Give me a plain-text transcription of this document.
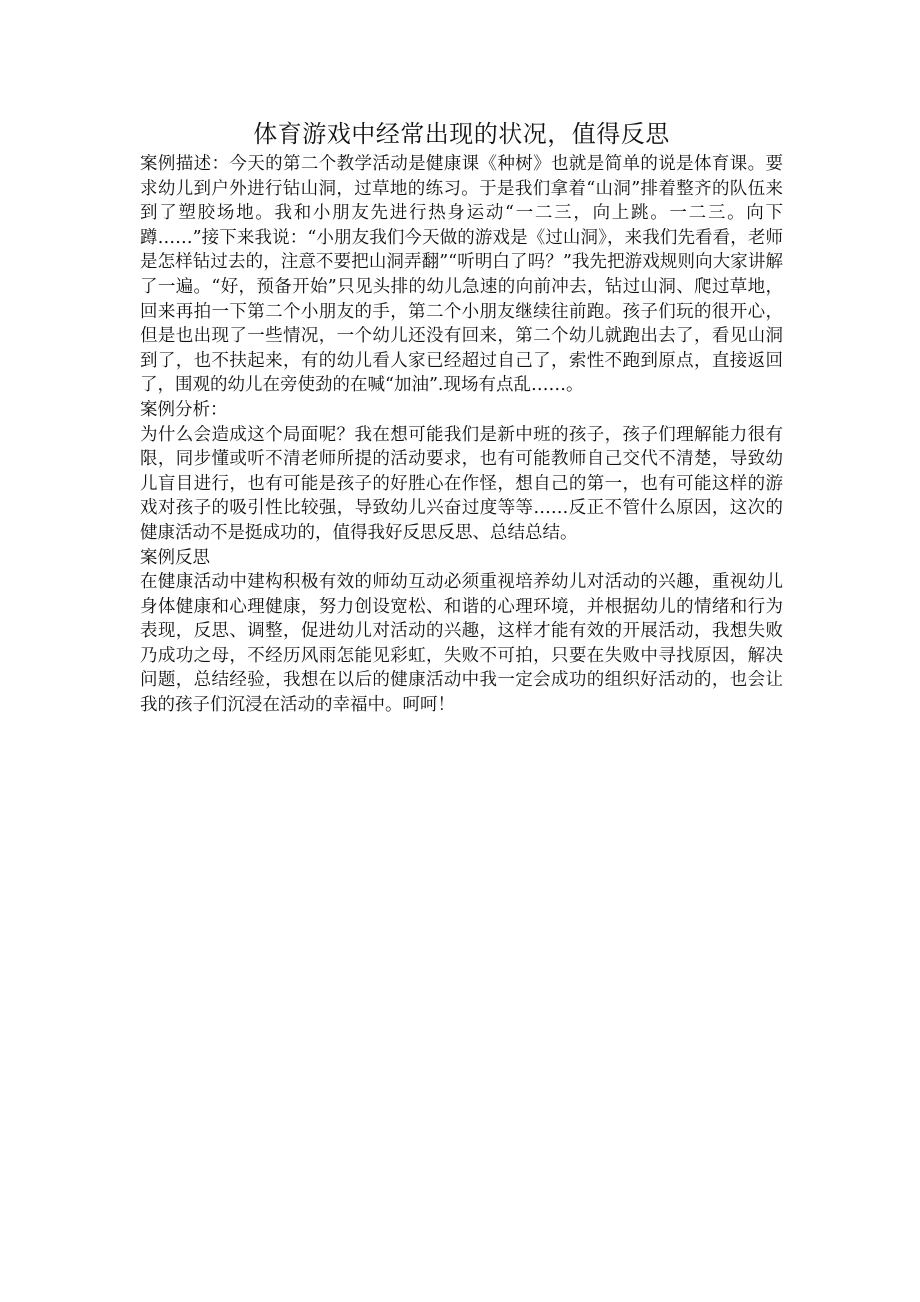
体育游戏中经常出现的状况，值得反思

案例描述：今天的第二个教学活动是健康课《种树》也就是简单的说是体育课。要求幼儿到户外进行钻山洞，过草地的练习。于是我们拿着“山洞”排着整齐的队伍来到了塑胶场地。我和小朋友先进行热身运动“一二三，向上跳。一二三。向下蹲……”接下来我说：“小朋友我们今天做的游戏是《过山洞》，来我们先看看，老师是怎样钻过去的，注意不要把山洞弄翻”“听明白了吗？”我先把游戏规则向大家讲解了一遍。“好，预备开始”只见头排的幼儿急速的向前冲去，钻过山洞、爬过草地，回来再拍一下第二个小朋友的手，第二个小朋友继续往前跑。孩子们玩的很开心，但是也出现了一些情况，一个幼儿还没有回来，第二个幼儿就跑出去了，看见山洞到了，也不扶起来，有的幼儿看人家已经超过自己了，索性不跑到原点，直接返回了，围观的幼儿在旁使劲的在喊“加油”.现场有点乱……。

案例分析：

为什么会造成这个局面呢？我在想可能我们是新中班的孩子，孩子们理解能力很有限，同步懂或听不清老师所提的活动要求，也有可能教师自己交代不清楚，导致幼儿盲目进行，也有可能是孩子的好胜心在作怪，想自己的第一，也有可能这样的游戏对孩子的吸引性比较强，导致幼儿兴奋过度等等……反正不管什么原因，这次的健康活动不是挺成功的，值得我好反思反思、总结总结。

案例反思

在健康活动中建构积极有效的师幼互动必须重视培养幼儿对活动的兴趣，重视幼儿身体健康和心理健康，努力创设宽松、和谐的心理环境，并根据幼儿的情绪和行为表现，反思、调整，促进幼儿对活动的兴趣，这样才能有效的开展活动，我想失败乃成功之母，不经历风雨怎能见彩虹，失败不可拍，只要在失败中寻找原因，解决问题，总结经验，我想在以后的健康活动中我一定会成功的组织好活动的，也会让我的孩子们沉浸在活动的幸福中。呵呵！
